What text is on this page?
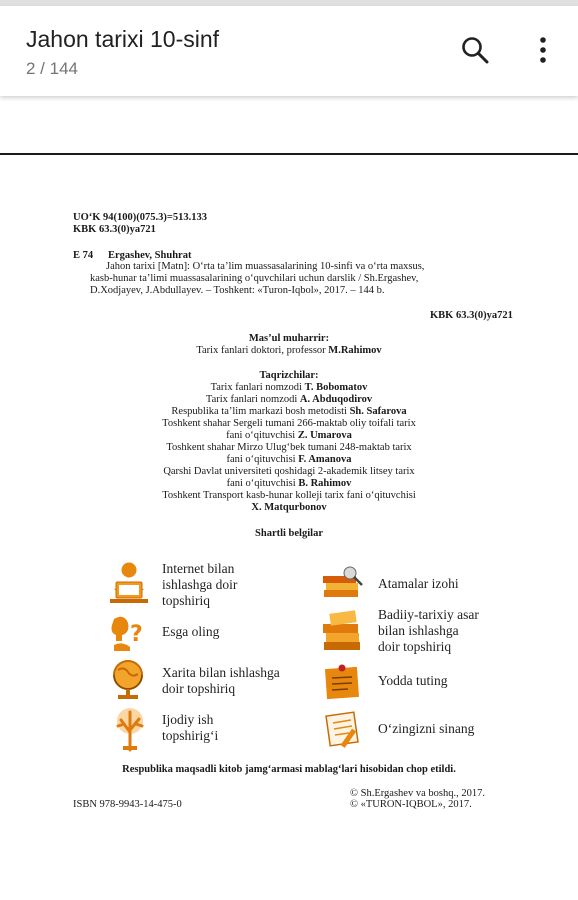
Jahon tarixi 10-sinf
2 / 144
UO‘K 94(100)(075.3)=513.133
KBK 63.3(0)ya721
E 74 Ergashev, Shuhrat
Jahon tarixi [Matn]: O‘rta ta’lim muassasalarining 10-sinfi va o‘rta maxsus,
kasb-hunar ta’limi muassasalarining o‘quvchilari uchun darslik / Sh.Ergashev,
D.Xodjayev, J.Abdullayev. – Toshkent: «Turon-Iqbol», 2017. – 144 b.
KBK 63.3(0)ya721
Mas’ul muharrir:
Tarix fanlari doktori, professor M.Rahimov
Taqrizchilar:
Tarix fanlari nomzodi T. Bobomatov
Tarix fanlari nomzodi A. Abduqodirov
Respublika ta’lim markazi bosh metodisti Sh. Safarova
Toshkent shahar Sergeli tumani 266-maktab oliy toifali tarix
fani o‘qituvchisi Z. Umarova
Toshkent shahar Mirzo Ulug‘bek tumani 248-maktab tarix
fani o‘qituvchisi F. Amanova
Qarshi Davlat universiteti qoshidagi 2-akademik litsey tarix
fani o‘qituvchisi B. Rahimov
Toshkent Transport kasb-hunar kolleji tarix fani o‘qituvchisi
X. Matqurbonov
Shartli belgilar
Internet bilan
ishlashga doir
topshiriq
Atamalar izohi
? Esga oling
Badiiy-tarixiy asar
bilan ishlashga
doir topshiriq
Xarita bilan ishlashga
doir topshiriq
Yodda tuting
Ijodiy ish
topshirig‘i	O‘zingizni sinang
Respublika maqsadli kitob jamg‘armasi mablag‘lari hisobidan chop etildi.
ISBN 978-9943-14-475-0
© Sh.Ergashev va boshq., 2017.
© «TURON-IQBOL», 2017.
